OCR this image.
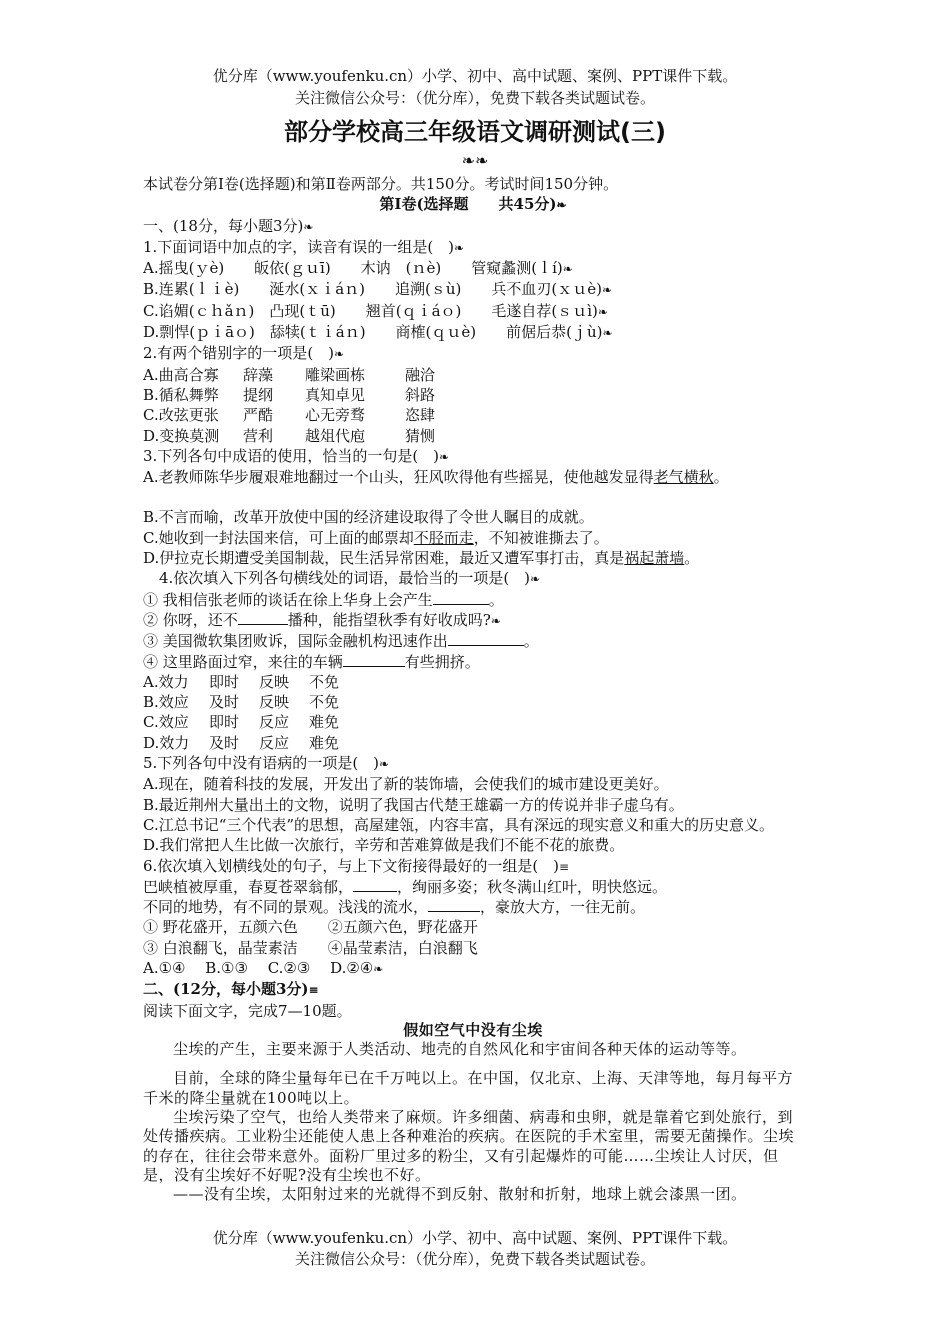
优分库（www.youfenku.cn）小学、初中、高中试题、案例、PPT课件下载。
关注微信公众号：（优分库），免费下载各类试题试卷。
部分学校高三年级语文调研测试(三)
❧❧
本试卷分第Ⅰ卷(选择题)和第Ⅱ卷两部分。共150分。考试时间150分钟。
第Ⅰ卷(选择题　　共45分)❧
一、(18分，每小题3分)❧
1.下面词语中加点的字，读音有误的一组是(　)❧
A.摇曳(ｙè)　　皈依(ｇｕī)　　木讷　(ｎè)　　管窥蠡测(ｌí)❧
B.连累(ｌｉè)　　涎水(ｘｉáｎ)　　追溯(ｓù)　　兵不血刃(ｘｕè)❧
C.谄媚(ｃｈǎｎ)　凸现(ｔū)　　翘首(ｑｉáｏ)　　毛遂自荐(ｓｕì)❧
D.剽悍(ｐｉāｏ)　舔犊(ｔｉáｎ)　　商榷(ｑｕè)　　前倨后恭(ｊù)❧
2.有两个错别字的一项是(　)❧
A.曲高合寡 辞藻 雕梁画栋	融洽
B.循私舞弊 提纲 真知卓见	斜路
C.改弦更张 严酷 心无旁骛	恣肆
D.变换莫测 营利 越俎代庖	猜恻
3.下列各句中成语的使用，恰当的一句是(　)❧
A.老教师陈华步履艰难地翻过一个山头，狂风吹得他有些摇晃，使他越发显得老气横秋。
B.不言而喻，改革开放使中国的经济建设取得了令世人瞩目的成就。
C.她收到一封法国来信，可上面的邮票却不胫而走，不知被谁撕去了。
D.伊拉克长期遭受美国制裁，民生活异常困难，最近又遭军事打击，真是祸起萧墙。
4.依次填入下列各句横线处的词语，最恰当的一项是(　)❧
① 我相信张老师的谈话在徐上华身上会产生	。
② 你呀，还不	播种，能指望秋季有好收成吗?❧
③ 美国微软集团败诉，国际金融机构迅速作出	。
④ 这里路面过窄，来往的车辆	有些拥挤。
A.效力 即时 反映 不免
B.效应 及时 反映 不免
C.效应 即时 反应 难免
D.效力 及时 反应 难免
5.下列各句中没有语病的一项是(　)❧
A.现在，随着科技的发展，开发出了新的装饰墙，会使我们的城市建设更美好。
B.最近荆州大量出土的文物，说明了我国古代楚王雄霸一方的传说并非子虚乌有。
C.江总书记“三个代表”的思想，高屋建瓴，内容丰富，具有深远的现实意义和重大的历史意义。
D.我们常把人生比做一次旅行，辛劳和苦难算做是我们不能不花的旅费。
6.依次填入划横线处的句子，与上下文衔接得最好的一组是(　)≡
巴峡植被厚重，春夏苍翠翁郁，	，绚丽多姿；秋冬满山红叶，明快悠远。
不同的地势，有不同的景观。浅浅的流水，	，豪放大方，一往无前。
① 野花盛开，五颜六色　　②五颜六色，野花盛开
③ 白浪翻飞，晶莹素洁　　④晶莹素洁，白浪翻飞
A.①④　 B.①③　 C.②③　 D.②④❧
二、(12分，每小题3分)≡
阅读下面文字，完成7—10题。
假如空气中没有尘埃
尘埃的产生，主要来源于人类活动、地壳的自然风化和宇宙间各种天体的运动等等。
目前，全球的降尘量每年已在千万吨以上。在中国，仅北京、上海、天津等地，每月每平方千米的降尘量就在100吨以上。
尘埃污染了空气，也给人类带来了麻烦。许多细菌、病毒和虫卵，就是靠着它到处旅行，到处传播疾病。工业粉尘还能使人患上各种难治的疾病。在医院的手术室里，需要无菌操作。尘埃的存在，往往会带来意外。面粉厂里过多的粉尘，又有引起爆炸的可能……尘埃让人讨厌，但是，没有尘埃好不好呢?没有尘埃也不好。
——没有尘埃，太阳射过来的光就得不到反射、散射和折射，地球上就会漆黑一团。
优分库（www.youfenku.cn）小学、初中、高中试题、案例、PPT课件下载。
关注微信公众号：（优分库），免费下载各类试题试卷。
